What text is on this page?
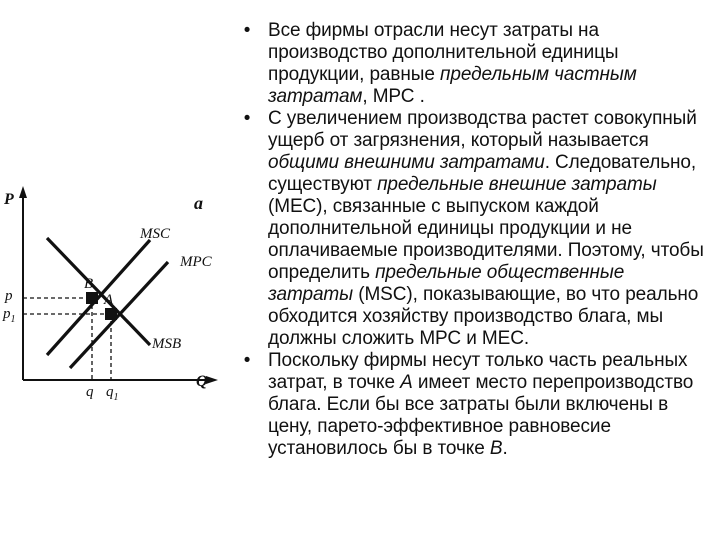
P
Q
a
MSC
MPC
MSB
B
A
p
$p_1$
q $q_1$
• Все фирмы отрасли несут затраты на производство дополнительной единицы продукции, равные предельным частным затратам, МРС .
• С увеличением производства растет совокупный ущерб от загрязнения, который называется общими внешними затратами. Следовательно, существуют предельные внешние затраты (МЕС), связанные с выпуском каждой дополнительной единицы продукции и не оплачиваемые производителями. Поэтому, чтобы определить предельные общественные затраты (MSC), показывающие, во что реально обходится хозяйству производство блага, мы должны сложить МРС и МЕС.
• Поскольку фирмы несут только часть реальных затрат, в точке А имеет место перепроизводство блага. Если бы все затраты были включены в цену, парето-эффективное равновесие установилось бы в точке В.
